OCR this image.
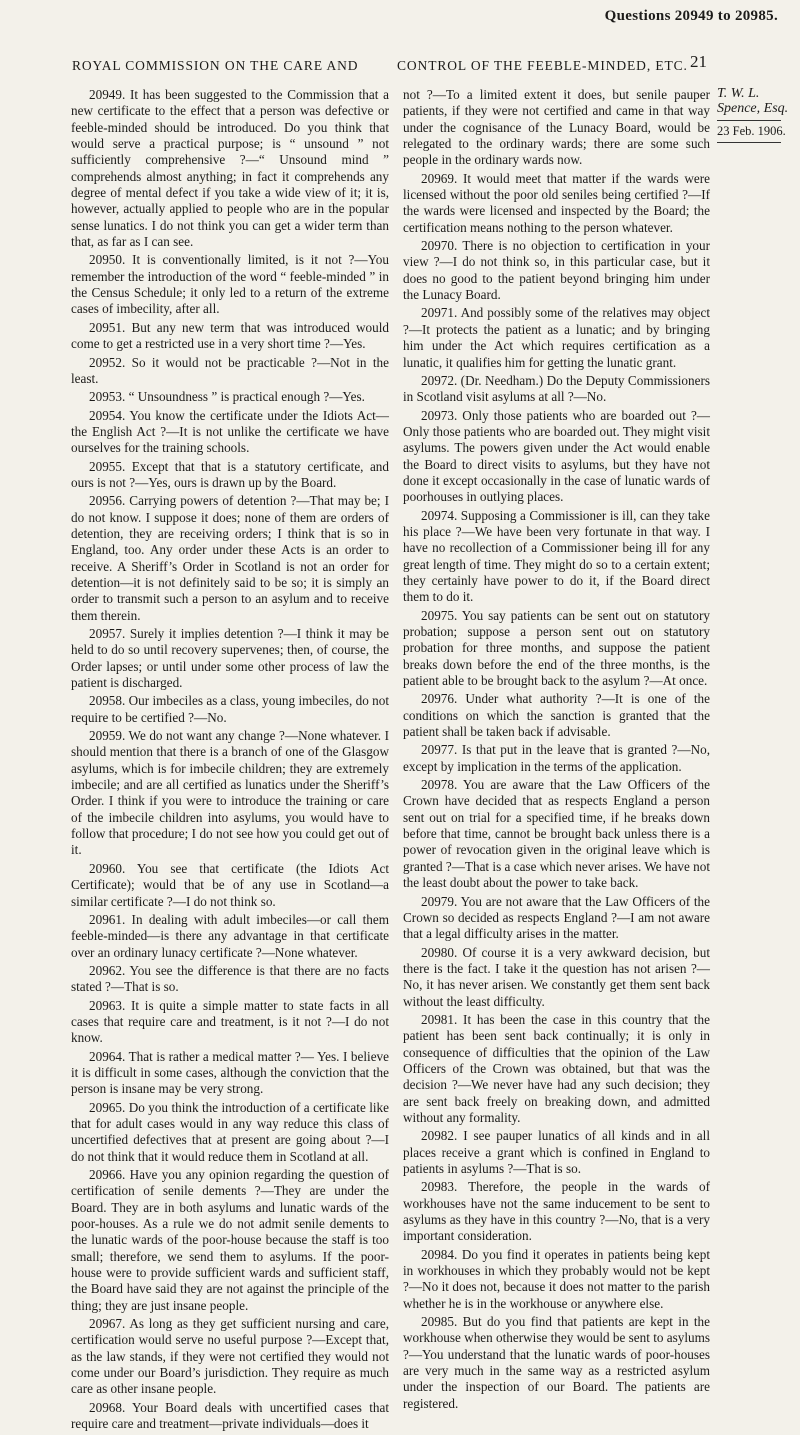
Questions 20949 to 20985.
ROYAL COMMISSION ON THE CARE AND	CONTROL OF THE FEEBLE-MINDED, ETC. 21

20949. It has been suggested to the Commission that a new certificate to the effect that a person was defective or feeble-minded should be introduced. Do you think that would serve a practical purpose; is “ unsound ” not sufficiently comprehensive ?—“ Unsound mind ” comprehends almost anything; in fact it comprehends any degree of mental defect if you take a wide view of it; it is, however, actually applied to people who are in the popular sense lunatics. I do not think you can get a wider term than that, as far as I can see.

20950. It is conventionally limited, is it not ?—You remember the introduction of the word “ feeble-minded ” in the Census Schedule; it only led to a return of the extreme cases of imbecility, after all.

20951. But any new term that was introduced would come to get a restricted use in a very short time ?—Yes.

20952. So it would not be practicable ?—Not in the least.

20953. “ Unsoundness ” is practical enough ?—Yes.

20954. You know the certificate under the Idiots Act—the English Act ?—It is not unlike the certificate we have ourselves for the training schools.

20955. Except that that is a statutory certificate, and ours is not ?—Yes, ours is drawn up by the Board.

20956. Carrying powers of detention ?—That may be; I do not know. I suppose it does; none of them are orders of detention, they are receiving orders; I think that is so in England, too. Any order under these Acts is an order to receive. A Sheriff’s Order in Scotland is not an order for detention—it is not definitely said to be so; it is simply an order to transmit such a person to an asylum and to receive them therein.

20957. Surely it implies detention ?—I think it may be held to do so until recovery supervenes; then, of course, the Order lapses; or until under some other process of law the patient is discharged.

20958. Our imbeciles as a class, young imbeciles, do not require to be certified ?—No.

20959. We do not want any change ?—None whatever. I should mention that there is a branch of one of the Glasgow asylums, which is for imbecile children; they are extremely imbecile; and are all certified as lunatics under the Sheriff’s Order. I think if you were to introduce the training or care of the imbecile children into asylums, you would have to follow that procedure; I do not see how you could get out of it.

20960. You see that certificate (the Idiots Act Certificate); would that be of any use in Scotland—a similar certificate ?—I do not think so.

20961. In dealing with adult imbeciles—or call them feeble-minded—is there any advantage in that certificate over an ordinary lunacy certificate ?—None whatever.

20962. You see the difference is that there are no facts stated ?—That is so.

20963. It is quite a simple matter to state facts in all cases that require care and treatment, is it not ?—I do not know.

20964. That is rather a medical matter ?— Yes. I believe it is difficult in some cases, although the conviction that the person is insane may be very strong.

20965. Do you think the introduction of a certificate like that for adult cases would in any way reduce this class of uncertified defectives that at present are going about ?—I do not think that it would reduce them in Scotland at all.

20966. Have you any opinion regarding the question of certification of senile dements ?—They are under the Board. They are in both asylums and lunatic wards of the poor-houses. As a rule we do not admit senile dements to the lunatic wards of the poor-house because the staff is too small; therefore, we send them to asylums. If the poor-house were to provide sufficient wards and sufficient staff, the Board have said they are not against the principle of the thing; they are just insane people.

20967. As long as they get sufficient nursing and care, certification would serve no useful purpose ?—Except that, as the law stands, if they were not certified they would not come under our Board’s jurisdiction. They require as much care as other insane people.

20968. Your Board deals with uncertified cases that require care and treatment—private individuals—does it

not ?—To a limited extent it does, but senile pauper patients, if they were not certified and came in that way under the cognisance of the Lunacy Board, would be relegated to the ordinary wards; there are some such people in the ordinary wards now.

20969. It would meet that matter if the wards were licensed without the poor old seniles being certified ?—If the wards were licensed and inspected by the Board; the certification means nothing to the person whatever.

20970. There is no objection to certification in your view ?—I do not think so, in this particular case, but it does no good to the patient beyond bringing him under the Lunacy Board.

20971. And possibly some of the relatives may object ?—It protects the patient as a lunatic; and by bringing him under the Act which requires certification as a lunatic, it qualifies him for getting the lunatic grant.

20972. (Dr. Needham.) Do the Deputy Commissioners in Scotland visit asylums at all ?—No.

20973. Only those patients who are boarded out ?—Only those patients who are boarded out. They might visit asylums. The powers given under the Act would enable the Board to direct visits to asylums, but they have not done it except occasionally in the case of lunatic wards of poorhouses in outlying places.

20974. Supposing a Commissioner is ill, can they take his place ?—We have been very fortunate in that way. I have no recollection of a Commissioner being ill for any great length of time. They might do so to a certain extent; they certainly have power to do it, if the Board direct them to do it.

20975. You say patients can be sent out on statutory probation; suppose a person sent out on statutory probation for three months, and suppose the patient breaks down before the end of the three months, is the patient able to be brought back to the asylum ?—At once.

20976. Under what authority ?—It is one of the conditions on which the sanction is granted that the patient shall be taken back if advisable.

20977. Is that put in the leave that is granted ?—No, except by implication in the terms of the application.

20978. You are aware that the Law Officers of the Crown have decided that as respects England a person sent out on trial for a specified time, if he breaks down before that time, cannot be brought back unless there is a power of revocation given in the original leave which is granted ?—That is a case which never arises. We have not the least doubt about the power to take back.

20979. You are not aware that the Law Officers of the Crown so decided as respects England ?—I am not aware that a legal difficulty arises in the matter.

20980. Of course it is a very awkward decision, but there is the fact. I take it the question has not arisen ?—No, it has never arisen. We constantly get them sent back without the least difficulty.

20981. It has been the case in this country that the patient has been sent back continually; it is only in consequence of difficulties that the opinion of the Law Officers of the Crown was obtained, but that was the decision ?—We never have had any such decision; they are sent back freely on breaking down, and admitted without any formality.

20982. I see pauper lunatics of all kinds and in all places receive a grant which is confined in England to patients in asylums ?—That is so.

20983. Therefore, the people in the wards of workhouses have not the same inducement to be sent to asylums as they have in this country ?—No, that is a very important consideration.

20984. Do you find it operates in patients being kept in workhouses in which they probably would not be kept ?—No it does not, because it does not matter to the parish whether he is in the workhouse or anywhere else.

20985. But do you find that patients are kept in the workhouse when otherwise they would be sent to asylums ?—You understand that the lunatic wards of poor-houses are very much in the same way as a restricted asylum under the inspection of our Board. The patients are registered.

T. W. L. Spence, Esq.
23 Feb. 1906.
